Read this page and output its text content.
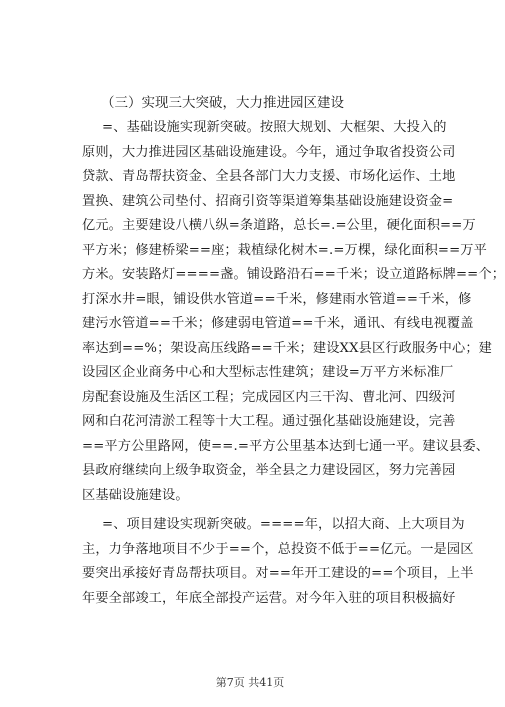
（三）实现三大突破，大力推进园区建设
=、基础设施实现新突破。按照大规划、大框架、大投入的
原则，大力推进园区基础设施建设。今年，通过争取省投资公司
贷款、青岛帮扶资金、全县各部门大力支援、市场化运作、土地
置换、建筑公司垫付、招商引资等渠道筹集基础设施建设资金=
亿元。主要建设八横八纵=条道路，总长=.=公里，硬化面积==万
平方米；修建桥梁==座；栽植绿化树木=.=万棵，绿化面积==万平
方米。安装路灯====盏。铺设路沿石==千米；设立道路标牌==个；
打深水井=眼，铺设供水管道==千米，修建雨水管道==千米，修
建污水管道==千米；修建弱电管道==千米，通讯、有线电视覆盖
率达到==%；架设高压线路==千米；建设XX县区行政服务中心；建
设园区企业商务中心和大型标志性建筑；建设=万平方米标准厂
房配套设施及生活区工程；完成园区内三干沟、曹北河、四级河
网和白花河清淤工程等十大工程。通过强化基础设施建设，完善
==平方公里路网，使==.=平方公里基本达到七通一平。建议县委、
县政府继续向上级争取资金，举全县之力建设园区，努力完善园
区基础设施建设。
=、项目建设实现新突破。====年，以招大商、上大项目为
主，力争落地项目不少于==个，总投资不低于==亿元。一是园区
要突出承接好青岛帮扶项目。对==年开工建设的==个项目，上半
年要全部竣工，年底全部投产运营。对今年入驻的项目积极搞好
第7页 共41页
